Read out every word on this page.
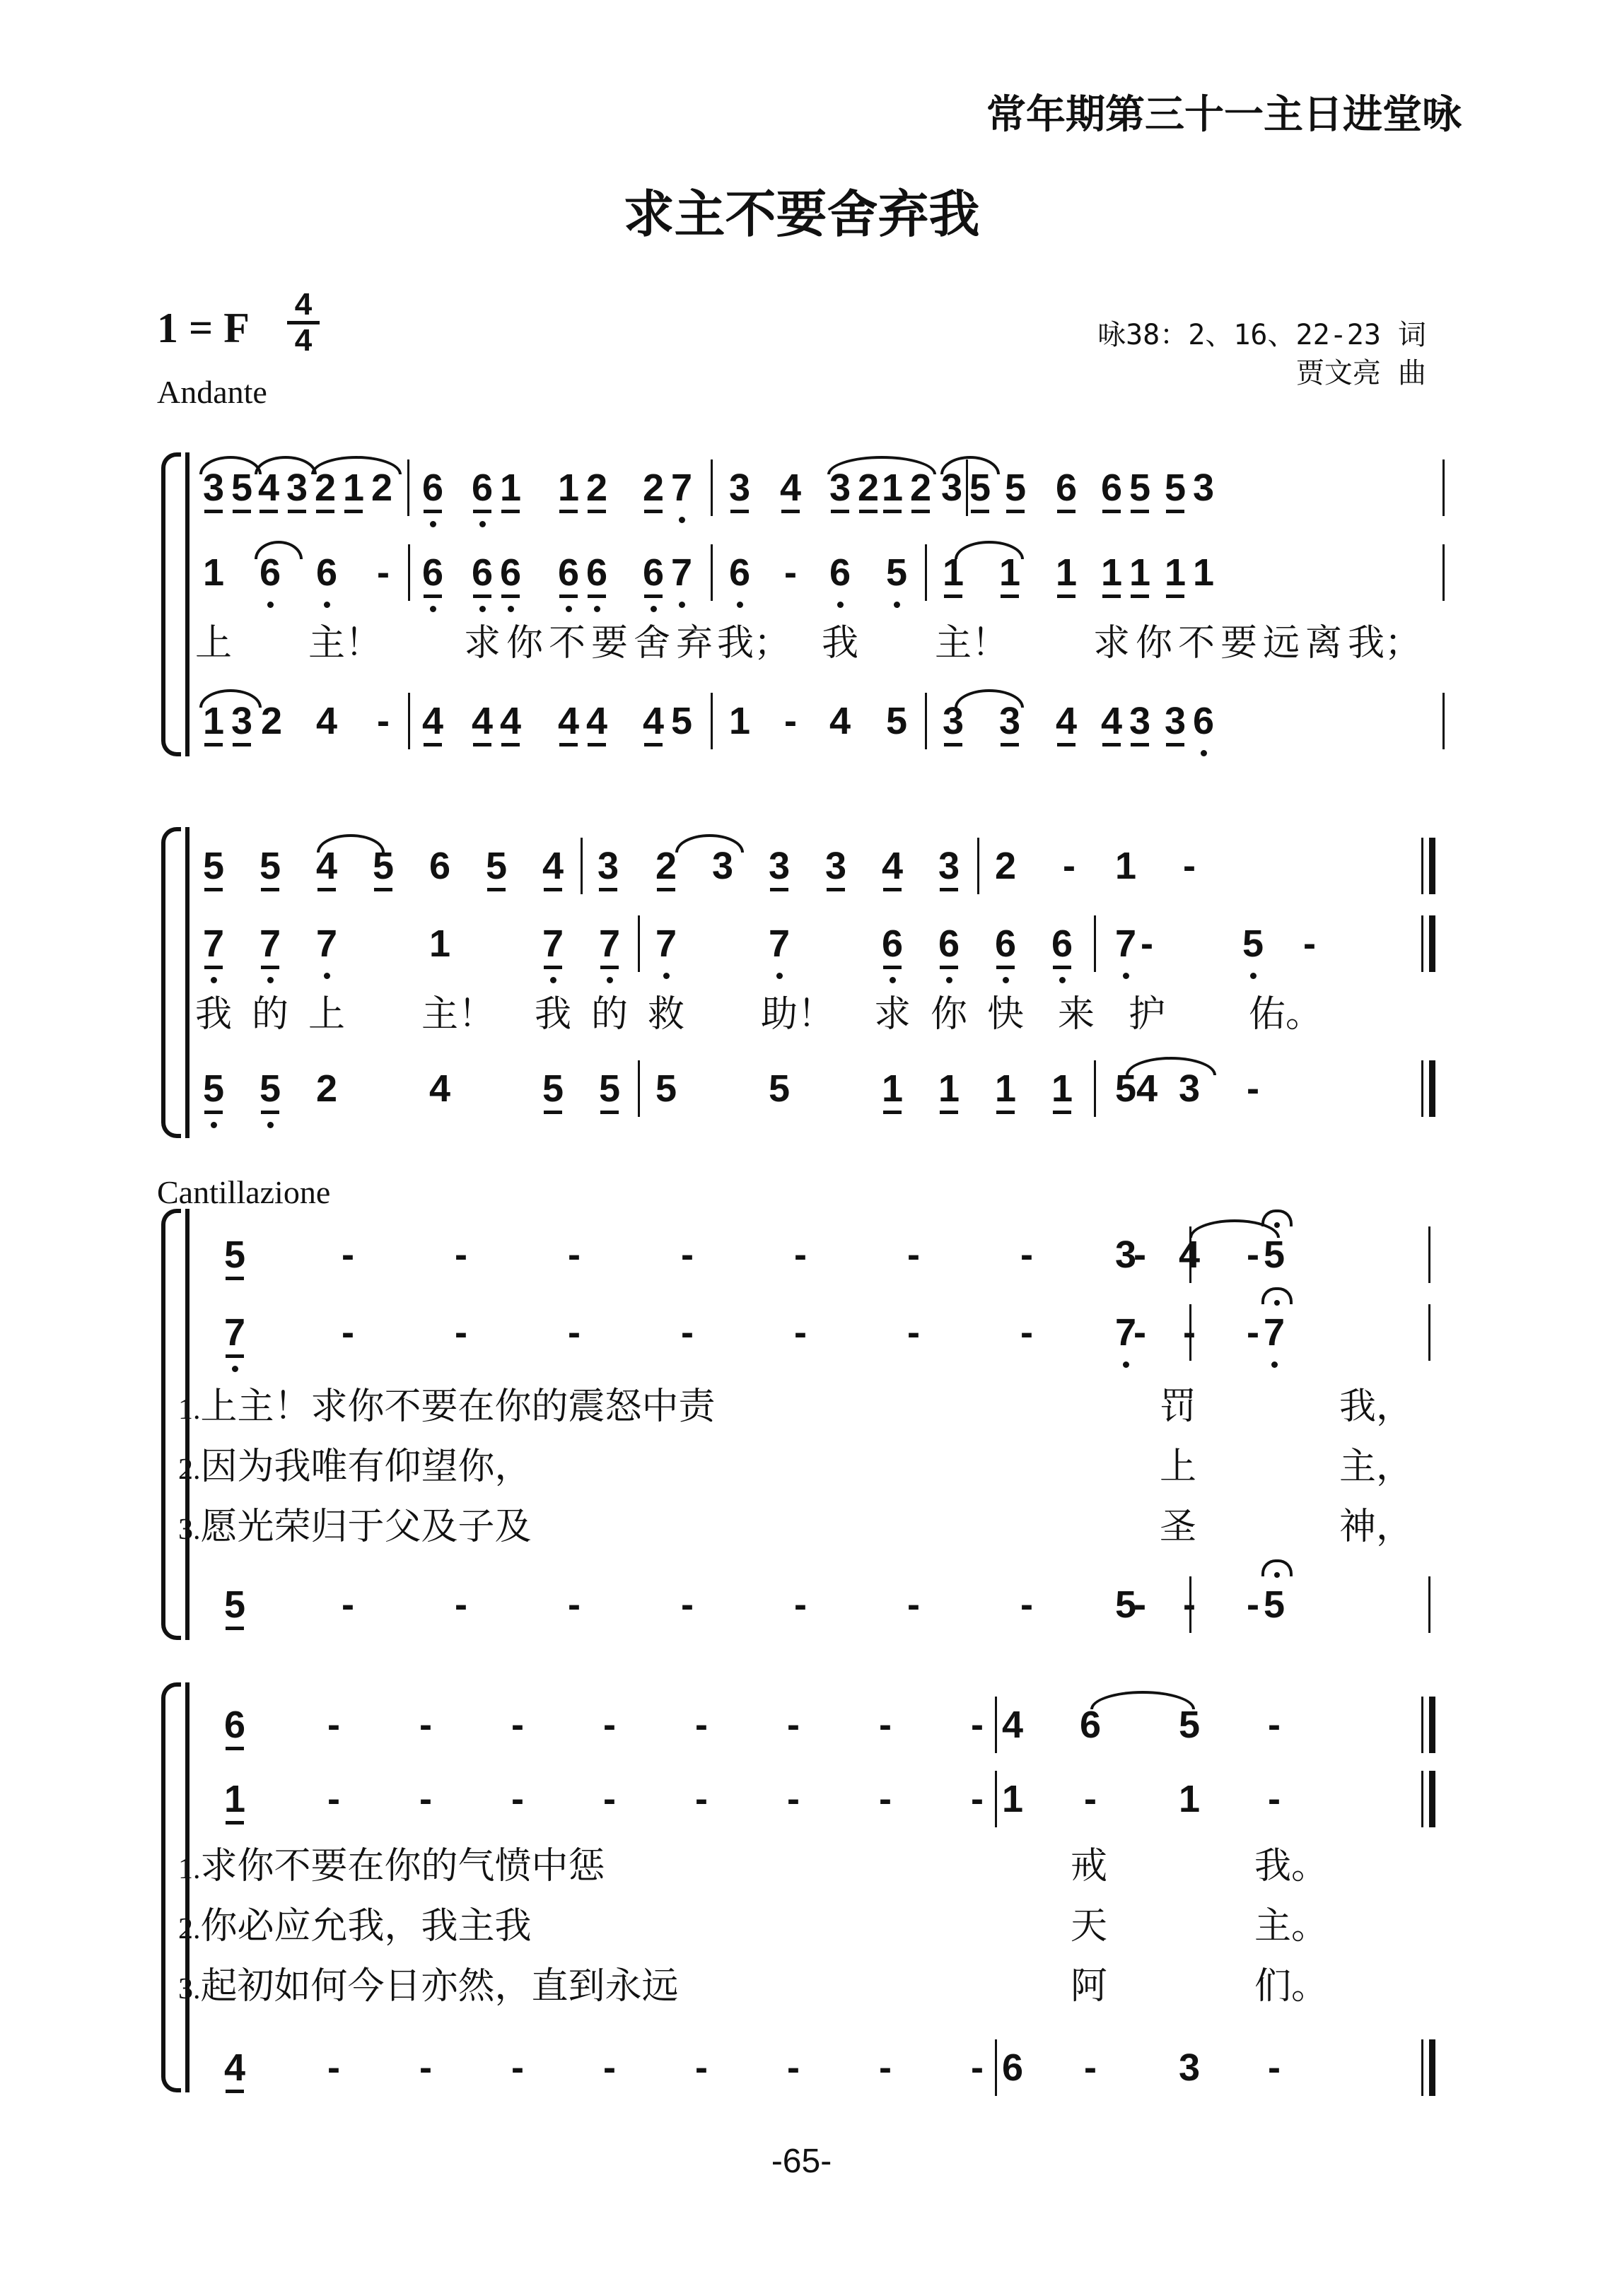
常年期第三十一主日进堂咏
求主不要舍弃我
1 = F
4
4	咏38：2、16、22-23 词
贾文亮 曲
Andante
Cantillazione
3 5 4 3 2 1 2 6 6 1 1 2 2 7 3 4 3 2 1 2 3 5 5 6 6 5 5 3
1 6 6 - 6 6 6 6 6 6 7 6 - 6 5 1 1 1 1 1 1 1
1 3 2 4 - 4 4 4 4 4 4 5 1 - 4 5 3 3 4 4 3 3 6
上 主！ 求 你 不 要 舍 弃 我； 我 主！ 求 你 不 要 远 离 我；
5 5 4 5 6 5 4 3 2 3 3 3 4 3 2 - 1 -
7 7 7 1 7 7 7 7 6 6 6 6 7 - 5 -
5 5 2 4 5 5 5 5 1 1 1 1 5 4 3 -
我 的 上 主！ 我 的 救 助！ 求 你 快 来 护 佑。
5	-	-	-	-	-	-	-	-	-
3 4 5
7	-	-	-	-	-	-	-	-	-
7 - 7
5	-	-	-	-	-	-	-	-	-
5 - 5
1.上主！求你不要在你的震怒中责	罚	我，
2.因为我唯有仰望你，	上	主，
3.愿光荣归于父及子及	圣	神，
6 - - - - - - - - 4 6 5 -
1 - - - - - - - - 1 - 1 -
4 - - - - - - - - 6 - 3 -
1.求你不要在你的气愤中惩	戒	我。
2.你必应允我，我主我	天	主。
3.起初如何今日亦然，直到永远	阿	们。
-65-
